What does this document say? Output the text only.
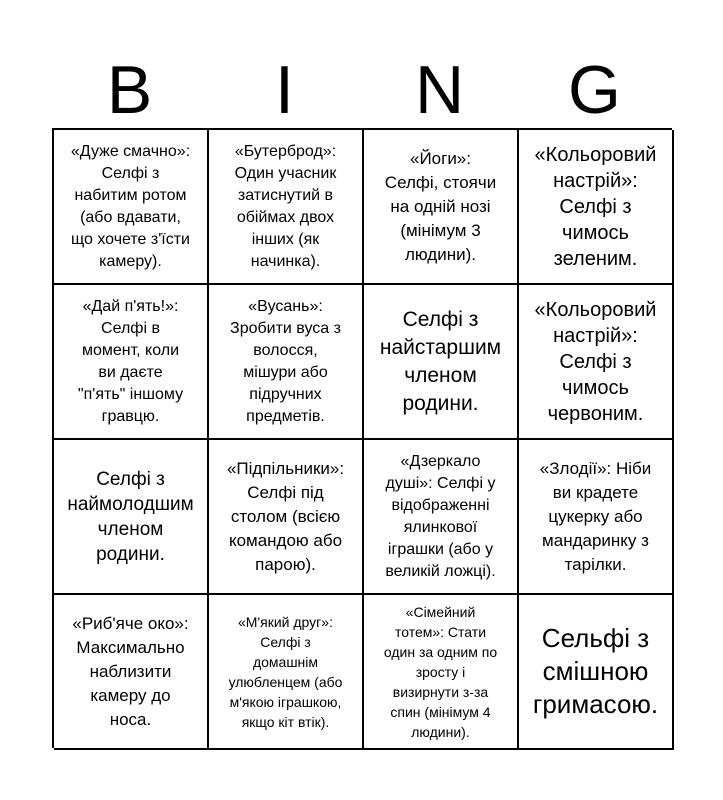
B	I	N	G
«Дуже смачно»:
Селфі з
набитим ротом
(або вдавати,
що хочете з'їсти
камеру).
«Бутерброд»:
Один учасник
затиснутий в
обіймах двох
інших (як
начинка).
«Йоги»:
Селфі, стоячи
на одній нозі
(мінімум 3
людини).
«Кольоровий
настрій»:
Селфі з
чимось
зеленим.
«Дай п'ять!»:
Селфі в
момент, коли
ви даєте
"п'ять" іншому
гравцю.
«Вусань»:
Зробити вуса з
волосся,
мішури або
підручних
предметів.
Селфі з
найстаршим
членом
родини.
«Кольоровий
настрій»:
Селфі з
чимось
червоним.
Селфі з
наймолодшим
членом
родини.
«Підпільники»:
Селфі під
столом (всією
командою або
парою).
«Дзеркало
душі»: Селфі у
відображенні
ялинкової
іграшки (або у
великій ложці).
«Злодії»: Ніби
ви крадете
цукерку або
мандаринку з
тарілки.
«Риб'яче око»:
Максимально
наблизити
камеру до
носа.
«М'який друг»:
Селфі з
домашнім
улюбленцем (або
м'якою іграшкою,
якщо кіт втік).
«Сімейний
тотем»: Стати
один за одним по
зросту і
визирнути з-за
спин (мінімум 4
людини).
Сельфі з
смішною
гримасою.
